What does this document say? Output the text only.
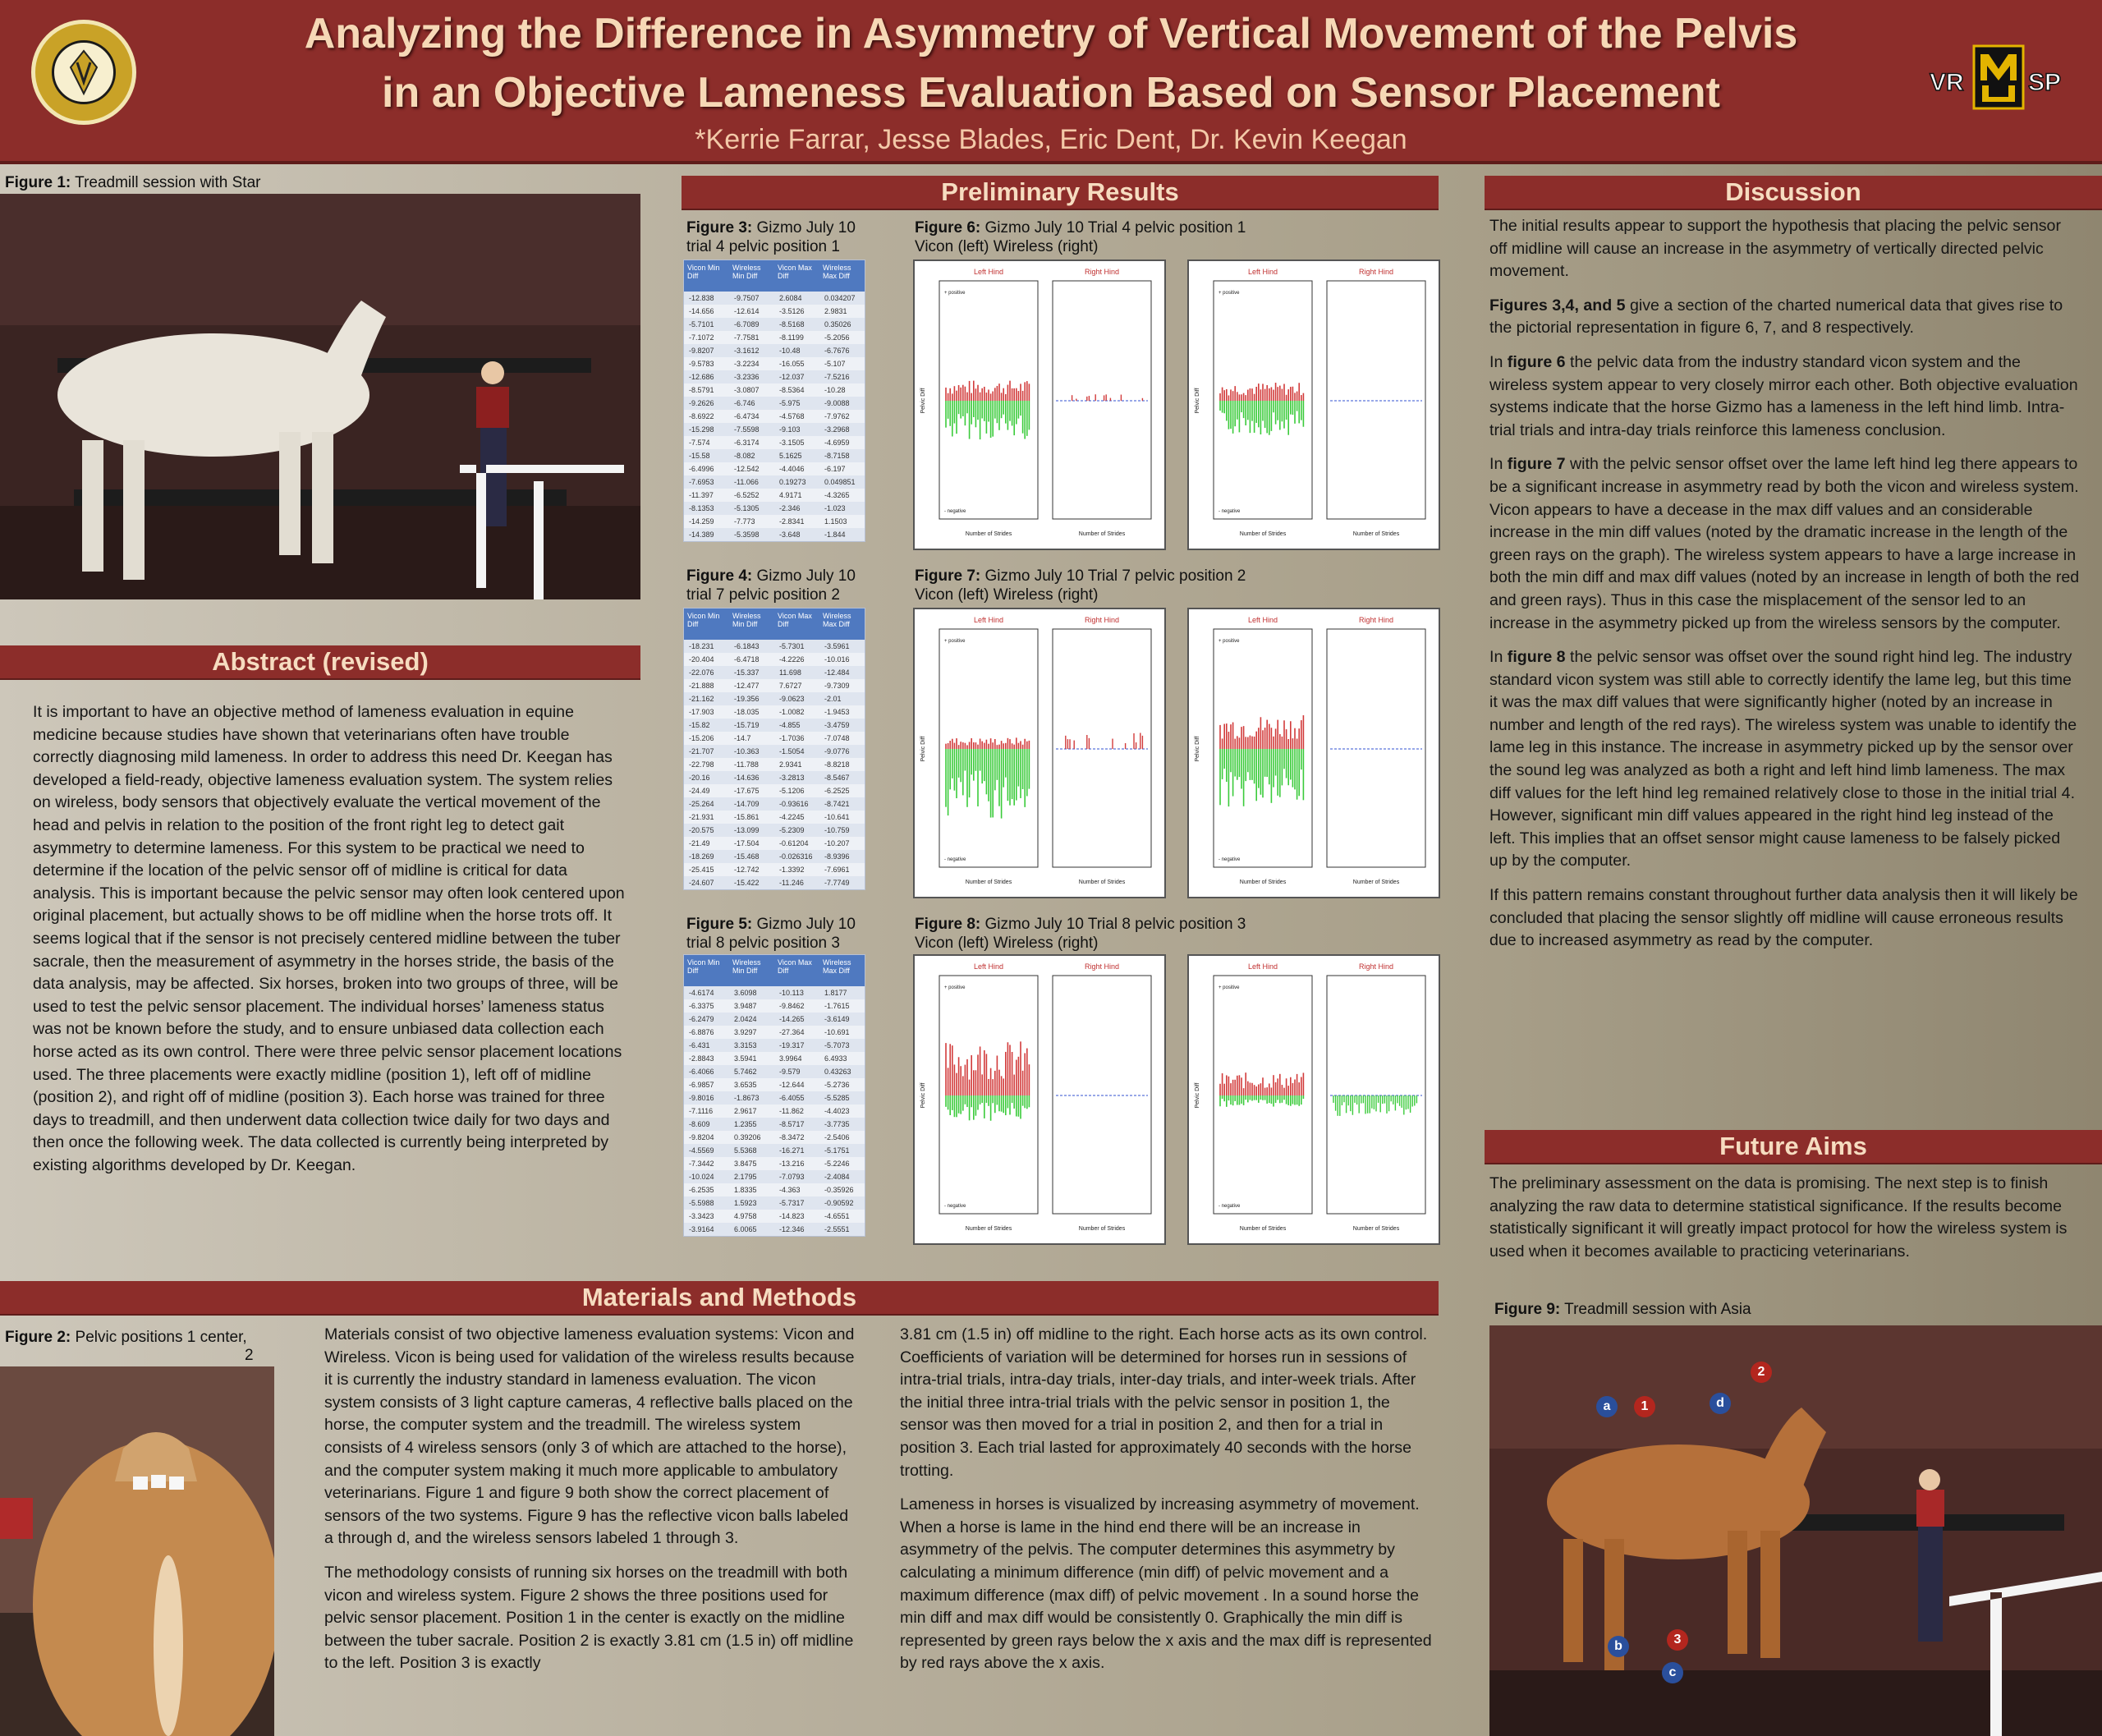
Analyzing the Difference in Asymmetry of Vertical Movement of the Pelvis
in an Objective Lameness Evaluation Based on Sensor Placement
*Kerrie Farrar, Jesse Blades, Eric Dent, Dr. Kevin Keegan
VR	SP
Figure 1: Treadmill session with Star
Abstract (revised)
It is important to have an objective method of lameness evaluation in equine medicine because studies have shown that veterinarians often have trouble correctly diagnosing mild lameness. In order to address this need Dr. Keegan has developed a field-ready, objective lameness evaluation system. The system relies on wireless, body sensors that objectively evaluate the vertical movement of the head and pelvis in relation to the position of the front right leg to detect gait asymmetry to determine lameness. For this system to be practical we need to determine if the location of the pelvic sensor off of midline is critical for data analysis. This is important because the pelvic sensor may often look centered upon original placement, but actually shows to be off midline when the horse trots off. It seems logical that if the sensor is not precisely centered midline between the tuber sacrale, then the measurement of asymmetry in the horses stride, the basis of the data analysis, may be affected. Six horses, broken into two groups of three, will be used to test the pelvic sensor placement. The individual horses’ lameness status was not be known before the study, and to ensure unbiased data collection each horse acted as its own control. There were three pelvic sensor placement locations used. The three placements were exactly midline (position 1), left off of midline (position 2), and right off of midline (position 3). Each horse was trained for three days to treadmill, and then underwent data collection twice daily for two days and then once the following week. The data collected is currently being interpreted by existing algorithms developed by Dr. Keegan.
Preliminary Results
Figure 3: Gizmo July 10 trial 4 pelvic position 1
Vicon Min Diff
Wireless Min Diff
Vicon Max Diff
Wireless Max Diff
-12.838	-9.7507	2.6084	0.034207
-14.656	-12.614	-3.5126	2.9831
-5.7101	-6.7089	-8.5168	0.35026
-7.1072	-7.7581	-8.1199	-5.2056
-9.8207	-3.1612	-10.48	-6.7676
-9.5783	-3.2234	-16.055	-5.107
-12.686	-3.2336	-12.037	-7.5216
-8.5791	-3.0807	-8.5364	-10.28
-9.2626	-6.746	-5.975	-9.0088
-8.6922	-6.4734	-4.5768	-7.9762
-15.298	-7.5598	-9.103	-3.2968
-7.574	-6.3174	-3.1505	-4.6959
-15.58	-8.082	5.1625	-8.7158
-6.4996	-12.542	-4.4046	-6.197
-7.6953	-11.066	0.19273	0.049851
-11.397	-6.5252	4.9171	-4.3265
-8.1353	-5.1305	-2.346	-1.023
-14.259	-7.773	-2.8341	1.1503
-14.389	-5.3598	-3.648	-1.844
Figure 4: Gizmo July 10 trial 7 pelvic position 2
Vicon Min Diff
Wireless Min Diff
Vicon Max Diff
Wireless Max Diff
-18.231	-6.1843	-5.7301	-3.5961
-20.404	-6.4718	-4.2226	-10.016
-22.076	-15.337	11.698	-12.484
-21.888	-12.477	7.6727	-9.7309
-21.162	-19.356	-9.0623	-2.01
-17.903	-18.035	-1.0082	-1.9453
-15.82	-15.719	-4.855	-3.4759
-15.206	-14.7	-1.7036	-7.0748
-21.707	-10.363	-1.5054	-9.0776
-22.798	-11.788	2.9341	-8.8218
-20.16	-14.636	-3.2813	-8.5467
-24.49	-17.675	-5.1206	-6.2525
-25.264	-14.709	-0.93616	-8.7421
-21.931	-15.861	-4.2245	-10.641
-20.575	-13.099	-5.2309	-10.759
-21.49	-17.504	-0.61204	-10.207
-18.269	-15.468	-0.026316	-8.9396
-25.415	-12.742	-1.3392	-7.6961
-24.607	-15.422	-11.246	-7.7749
Figure 5: Gizmo July 10 trial 8 pelvic position 3
Vicon Min Diff
Wireless Min Diff
Vicon Max Diff
Wireless Max Diff
-4.6174	3.6098	-10.113	1.8177
-6.3375	3.9487	-9.8462	-1.7615
-6.2479	2.0424	-14.265	-3.6149
-6.8876	3.9297	-27.364	-10.691
-6.431	3.3153	-19.317	-5.7073
-2.8843	3.5941	3.9964	6.4933
-6.4066	5.7462	-9.579	0.43263
-6.9857	3.6535	-12.644	-5.2736
-9.8016	-1.8673	-6.4055	-5.5285
-7.1116	2.9617	-11.862	-4.4023
-8.609	1.2355	-8.5717	-3.7735
-9.8204	0.39206	-8.3472	-2.5406
-4.5569	5.5368	-16.271	-5.1751
-7.3442	3.8475	-13.216	-5.2246
-10.024	2.1795	-7.0793	-2.4084
-6.2535	1.8335	-4.363	-0.35926
-5.5988	1.5923	-5.7317	-0.90592
-3.3423	4.9758	-14.823	-4.6551
-3.9164	6.0065	-12.346	-2.5551
Figure 6: Gizmo July 10 Trial 4 pelvic position 1
Vicon (left) Wireless (right)
Left Hind	Right Hind
Number of Strides	Number of Strides
Pelvic Diff
+ positive
- negative
Left Hind	Right Hind
Number of Strides	Number of Strides
Pelvic Diff
+ positive
- negative
Figure 7: Gizmo July 10 Trial 7 pelvic position 2
Vicon (left) Wireless (right)
Left Hind	Right Hind
Number of Strides	Number of Strides
Pelvic Diff
+ positive
- negative
Left Hind	Right Hind
Number of Strides	Number of Strides
Pelvic Diff
+ positive
- negative
Figure 8: Gizmo July 10 Trial 8 pelvic position 3
Vicon (left) Wireless (right)
Left Hind	Right Hind
Number of Strides	Number of Strides
Pelvic Diff
+ positive
- negative
Left Hind	Right Hind
Number of Strides	Number of Strides
Pelvic Diff
+ positive
- negative
Discussion

The initial results appear to support the hypothesis that placing the pelvic sensor off midline will cause an increase in the asymmetry of vertically directed pelvic movement.

Figures 3,4, and 5 give a section of the charted numerical data that gives rise to the pictorial representation in figure 6, 7, and 8 respectively.

In figure 6 the pelvic data from the industry standard vicon system and the wireless system appear to very closely mirror each other. Both objective evaluation systems indicate that the horse Gizmo has a lameness in the left hind limb. Intra-trial trials and intra-day trials reinforce this lameness conclusion.

In figure 7 with the pelvic sensor offset over the lame left hind leg there appears to be a significant increase in asymmetry read by both the vicon and wireless system. Vicon appears to have a decease in the max diff values and an considerable increase in the min diff values (noted by the dramatic increase in the length of the green rays on the graph). The wireless system appears to have a large increase in both the min diff and max diff values (noted by an increase in length of both the red and green rays). Thus in this case the misplacement of the sensor led to an increase in the asymmetry picked up from the wireless sensors by the computer.

In figure 8 the pelvic sensor was offset over the sound right hind leg. The industry standard vicon system was still able to correctly identify the lame leg, but this time it was the max diff values that were significantly higher (noted by an increase in number and length of the red rays). The wireless system was unable to identify the lame leg in this instance. The increase in asymmetry picked up by the sensor over the sound leg was analyzed as both a right and left hind limb lameness. The max diff values for the left hind leg remained relatively close to those in the initial trial 4. However, significant min diff values appeared in the right hind leg instead of the left. This implies that an offset sensor might cause lameness to be falsely picked up by the computer.

If this pattern remains constant throughout further data analysis then it will likely be concluded that placing the sensor slightly off midline will cause erroneous results due to increased asymmetry as read by the computer.

Future Aims
The preliminary assessment on the data is promising. The next step is to finish analyzing the raw data to determine statistical significance. If the results become statistically significant it will greatly impact protocol for how the wireless system is used when it becomes available to practicing veterinarians.
Figure 9: Treadmill session with Asia
a	1
2
d
b	3
c
Materials and Methods
Figure 2: Pelvic positions 1 center,
2

Materials consist of two objective lameness evaluation systems: Vicon and Wireless. Vicon is being used for validation of the wireless results because it is currently the industry standard in lameness evaluation. The vicon system consists of 3 light capture cameras, 4 reflective balls placed on the horse, the computer system and the treadmill. The wireless system consists of 4 wireless sensors (only 3 of which are attached to the horse), and the computer system making it much more applicable to ambulatory veterinarians. Figure 1 and figure 9 both show the correct placement of sensors of the two systems. Figure 9 has the reflective vicon balls labeled a through d, and the wireless sensors labeled 1 through 3.

The methodology consists of running six horses on the treadmill with both vicon and wireless system. Figure 2 shows the three positions used for pelvic sensor placement. Position 1 in the center is exactly on the midline between the tuber sacrale. Position 2 is exactly 3.81 cm (1.5 in) off midline to the left. Position 3 is exactly

3.81 cm (1.5 in) off midline to the right. Each horse acts as its own control. Coefficients of variation will be determined for horses run in sessions of intra-trial trials, intra-day trials, inter-day trials, and inter-week trials. After the initial three intra-trial trials with the pelvic sensor in position 1, the sensor was then moved for a trial in position 2, and then for a trial in position 3. Each trial lasted for approximately 40 seconds with the horse trotting.

Lameness in horses is visualized by increasing asymmetry of movement. When a horse is lame in the hind end there will be an increase in asymmetry of the pelvis. The computer determines this asymmetry by calculating a minimum difference (min diff) of pelvic movement and a maximum difference (max diff) of pelvic movement . In a sound horse the min diff and max diff would be consistently 0. Graphically the min diff is represented by green rays below the x axis and the max diff is represented by red rays above the x axis.
